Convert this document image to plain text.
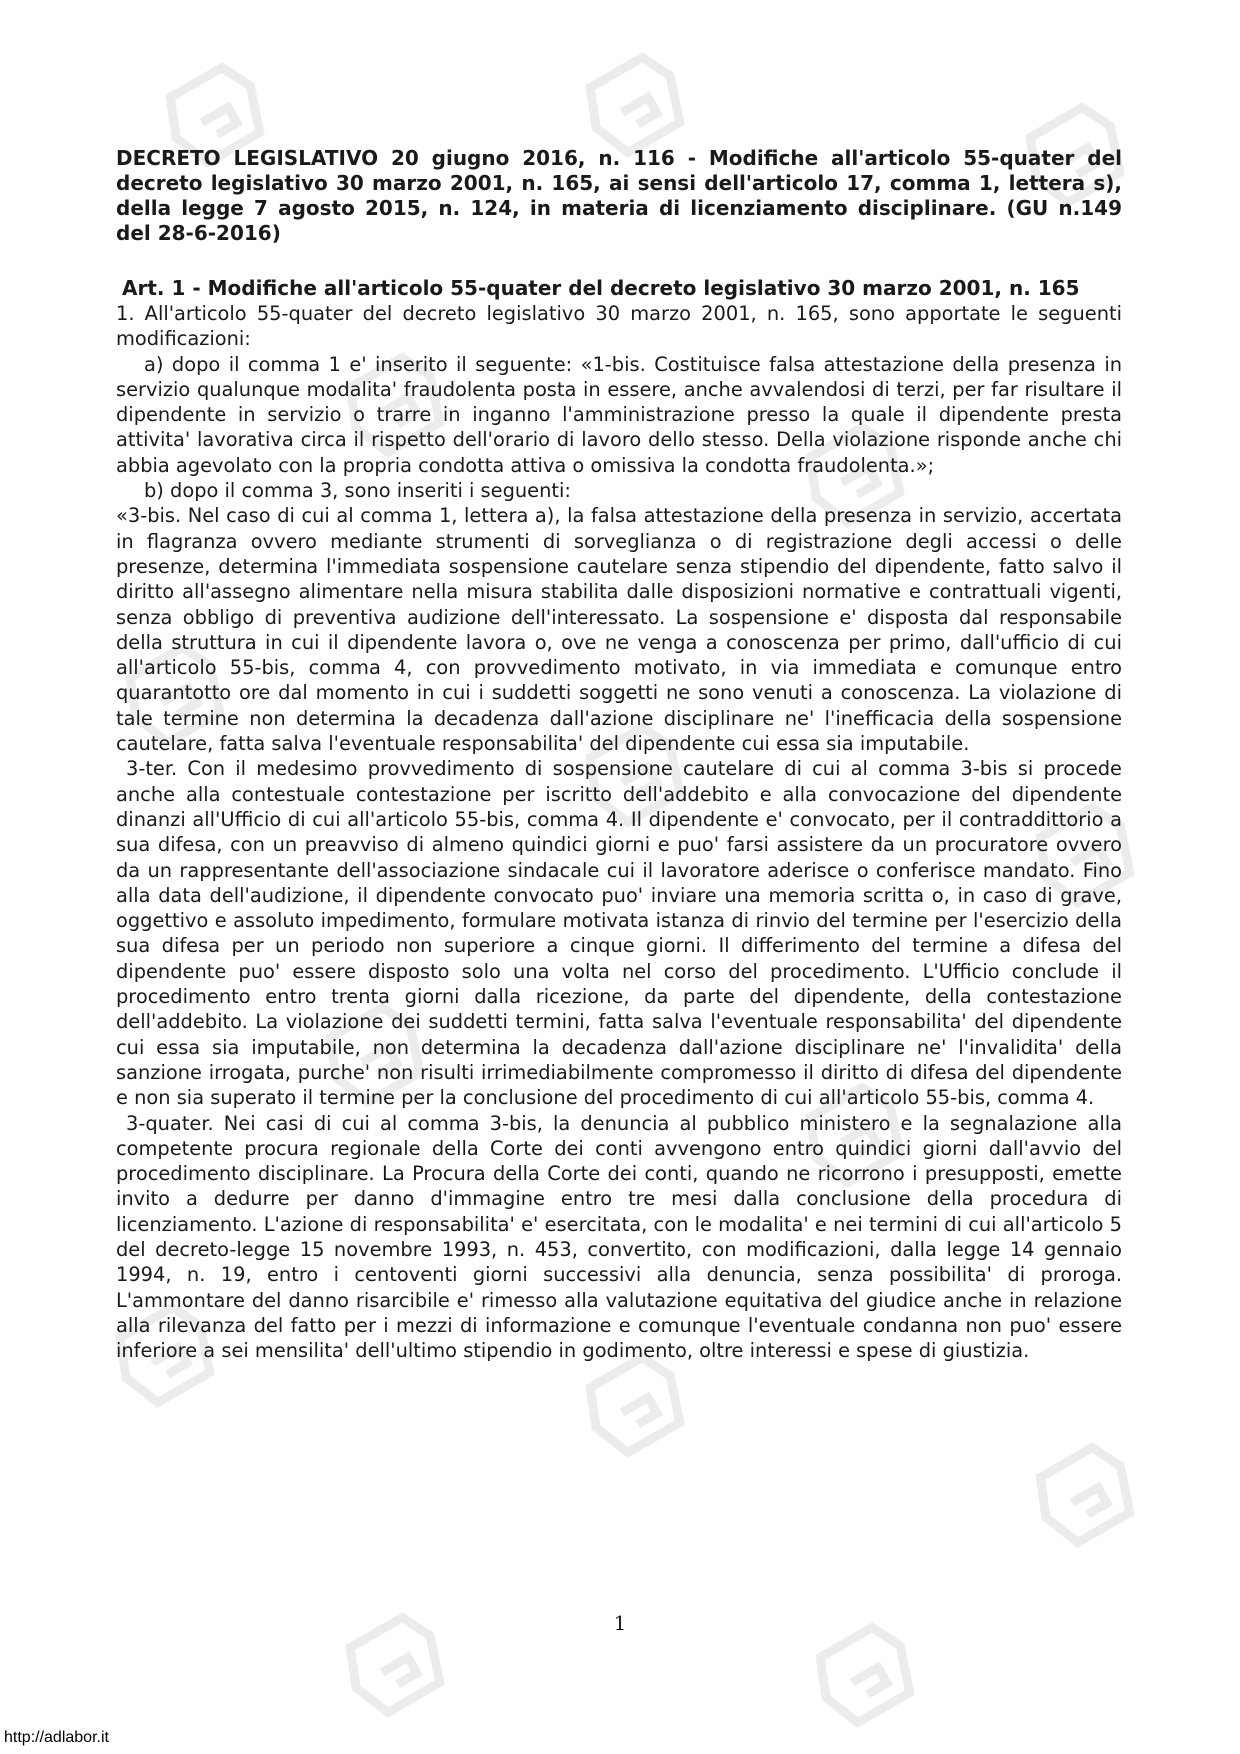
DECRETO LEGISLATIVO 20 giugno 2016, n. 116 - Modifiche all'articolo 55-quater del decreto legislativo 30 marzo 2001, n. 165, ai sensi dell'articolo 17, comma 1, lettera s), della legge 7 agosto 2015, n. 124, in materia di licenziamento disciplinare. (GU n.149 del 28-6-2016)

Art. 1 - Modifiche all'articolo 55-quater del decreto legislativo 30 marzo 2001, n. 165

1. All'articolo 55-quater del decreto legislativo 30 marzo 2001, n. 165, sono apportate le seguenti modificazioni:

a) dopo il comma 1 e' inserito il seguente: «1-bis. Costituisce falsa attestazione della presenza in servizio qualunque modalita' fraudolenta posta in essere, anche avvalendosi di terzi, per far risultare il dipendente in servizio o trarre in inganno l'amministrazione presso la quale il dipendente presta attivita' lavorativa circa il rispetto dell'orario di lavoro dello stesso. Della violazione risponde anche chi abbia agevolato con la propria condotta attiva o omissiva la condotta fraudolenta.»;

b) dopo il comma 3, sono inseriti i seguenti:

«3-bis. Nel caso di cui al comma 1, lettera a), la falsa attestazione della presenza in servizio, accertata in flagranza ovvero mediante strumenti di sorveglianza o di registrazione degli accessi o delle presenze, determina l'immediata sospensione cautelare senza stipendio del dipendente, fatto salvo il diritto all'assegno alimentare nella misura stabilita dalle disposizioni normative e contrattuali vigenti, senza obbligo di preventiva audizione dell'interessato. La sospensione e' disposta dal responsabile della struttura in cui il dipendente lavora o, ove ne venga a conoscenza per primo, dall'ufficio di cui all'articolo 55-bis, comma 4, con provvedimento motivato, in via immediata e comunque entro quarantotto ore dal momento in cui i suddetti soggetti ne sono venuti a conoscenza. La violazione di tale termine non determina la decadenza dall'azione disciplinare ne' l'inefficacia della sospensione cautelare, fatta salva l'eventuale responsabilita' del dipendente cui essa sia imputabile.

3-ter. Con il medesimo provvedimento di sospensione cautelare di cui al comma 3-bis si procede anche alla contestuale contestazione per iscritto dell'addebito e alla convocazione del dipendente dinanzi all'Ufficio di cui all'articolo 55-bis, comma 4. Il dipendente e' convocato, per il contraddittorio a sua difesa, con un preavviso di almeno quindici giorni e puo' farsi assistere da un procuratore ovvero da un rappresentante dell'associazione sindacale cui il lavoratore aderisce o conferisce mandato. Fino alla data dell'audizione, il dipendente convocato puo' inviare una memoria scritta o, in caso di grave, oggettivo e assoluto impedimento, formulare motivata istanza di rinvio del termine per l'esercizio della sua difesa per un periodo non superiore a cinque giorni. Il differimento del termine a difesa del dipendente puo' essere disposto solo una volta nel corso del procedimento. L'Ufficio conclude il procedimento entro trenta giorni dalla ricezione, da parte del dipendente, della contestazione dell'addebito. La violazione dei suddetti termini, fatta salva l'eventuale responsabilita' del dipendente cui essa sia imputabile, non determina la decadenza dall'azione disciplinare ne' l'invalidita' della sanzione irrogata, purche' non risulti irrimediabilmente compromesso il diritto di difesa del dipendente e non sia superato il termine per la conclusione del procedimento di cui all'articolo 55-bis, comma 4.

3-quater. Nei casi di cui al comma 3-bis, la denuncia al pubblico ministero e la segnalazione alla competente procura regionale della Corte dei conti avvengono entro quindici giorni dall'avvio del procedimento disciplinare. La Procura della Corte dei conti, quando ne ricorrono i presupposti, emette invito a dedurre per danno d'immagine entro tre mesi dalla conclusione della procedura di licenziamento. L'azione di responsabilita' e' esercitata, con le modalita' e nei termini di cui all'articolo 5 del decreto-legge 15 novembre 1993, n. 453, convertito, con modificazioni, dalla legge 14 gennaio 1994, n. 19, entro i centoventi giorni successivi alla denuncia, senza possibilita' di proroga. L'ammontare del danno risarcibile e' rimesso alla valutazione equitativa del giudice anche in relazione alla rilevanza del fatto per i mezzi di informazione e comunque l'eventuale condanna non puo' essere inferiore a sei mensilita' dell'ultimo stipendio in godimento, oltre interessi e spese di giustizia.

1
http://adlabor.it
